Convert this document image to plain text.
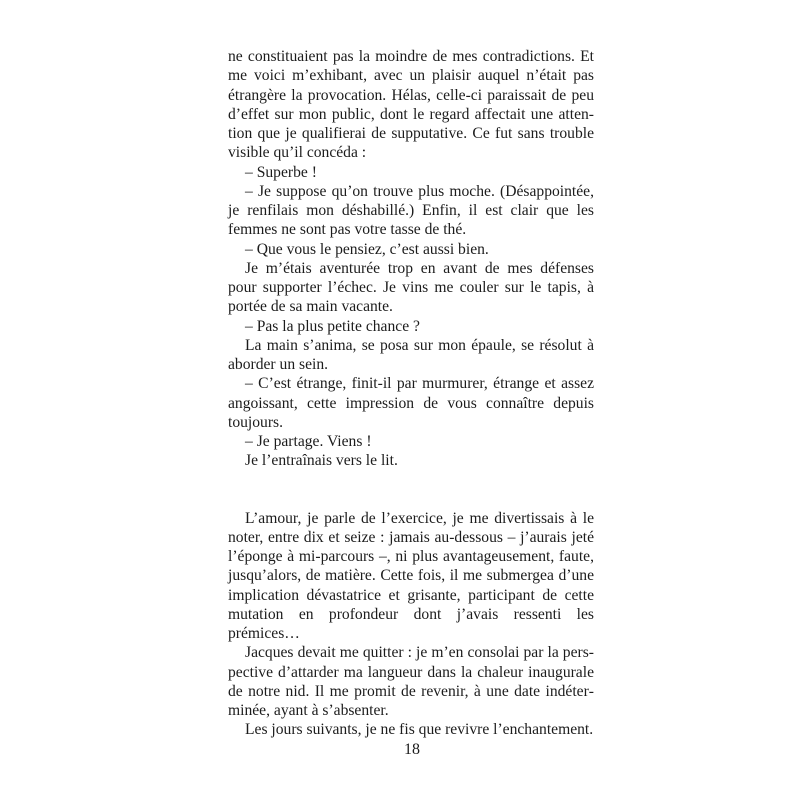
ne constituaient pas la moindre de mes contradictions. Et me voici m’exhibant, avec un plaisir auquel n’était pas étrangère la provocation. Hélas, celle-ci paraissait de peu d’effet sur mon public, dont le regard affectait une attention que je qualifierai de supputative. Ce fut sans trouble visible qu’il concéda :

– Superbe !

– Je suppose qu’on trouve plus moche. (Désappointée, je renfilais mon déshabillé.) Enfin, il est clair que les femmes ne sont pas votre tasse de thé.

– Que vous le pensiez, c’est aussi bien.

Je m’étais aventurée trop en avant de mes défenses pour supporter l’échec. Je vins me couler sur le tapis, à portée de sa main vacante.

– Pas la plus petite chance ?

La main s’anima, se posa sur mon épaule, se résolut à aborder un sein.

– C’est étrange, finit-il par murmurer, étrange et assez angoissant, cette impression de vous connaître depuis toujours.

– Je partage. Viens !

Je l’entraînais vers le lit.

L’amour, je parle de l’exercice, je me divertissais à le noter, entre dix et seize : jamais au-dessous – j’aurais jeté l’éponge à mi-parcours –, ni plus avantageusement, faute, jusqu’alors, de matière. Cette fois, il me submergea d’une implication dévastatrice et grisante, participant de cette mutation en profondeur dont j’avais ressenti les prémices…

Jacques devait me quitter : je m’en consolai par la perspective d’attarder ma langueur dans la chaleur inaugurale de notre nid. Il me promit de revenir, à une date indéterminée, ayant à s’absenter.

Les jours suivants, je ne fis que revivre l’enchantement.

18
